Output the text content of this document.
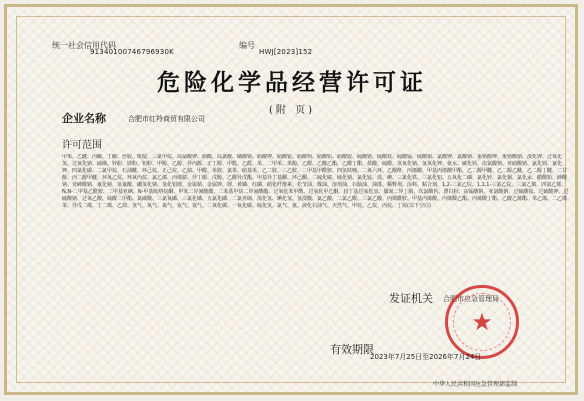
统一社会信用代码
91340100746796930K
编号
HWJ[2023]152
危险化学品经营许可证
(附 页)
企业名称	合肥市红羚商贸有限公司
许可范围
甲苯、乙醚、丙酮、丁酮、丝胶、吡啶、三氯甲烷、高锰酸钾、硝酸、高氯酸、磷酸钠、硝酸钾、硝酸银、硝酸钡、硝酸铅、硝酸铵、硫酸钠、硫酸铁、硫酸锰、硫酸铜、氯酸钾、氯酸钠、重铬酸钾、重铬酸钠、溴化钾、过氧化氢、过氧化钠、硫磺、锌粉、镁粉、铝粉、甲醇、乙醇、异丙醇、正丁醇、甲醛、乙醛、苯、二甲苯、苯酚、乙酸、乙酸乙酯、乙酸丁酯、盐酸、硫酸、氢氧化钠、氢氧化钾、氨水、碳化钙、次氯酸钠、亚硝酸钠、氯化钡、氰化钾、四氯化碳、二氯甲烷、石油醚、环己烷、正己烷、乙腈、甲酸、苯胺、氯苯、硝基苯、乙二胺、三乙胺、二甲基甲酰胺、四氢呋喃、二氧六环、乙酸酐、丙烯酸、甲基丙烯酸甲酯、乙二醇甲醚、乙二醇乙醚、乙二醇丁醚、二甘醇、丙二醇甲醚、环氧乙烷、环氧丙烷、氯乙烯、丙烯腈、异丁醇、戊醇、乙酸异戊酯、甲基异丁基酮、环己酮、二硫化碳、硫化钠、氯化铵、溴、碘、三氯化铁、三氯化铝、五氧化二磷、氯化锌、氯化铜、氯化汞、醋酸铅、砷酸钠、亚砷酸钠、氟化钠、氢氟酸、硼氢化钠、氢化铝锂、金属钠、金属钾、锂、黄磷、红磷、硝化纤维素、松节油、煤油、溶剂油、石脑油、油漆、稀释剂、涂料、粘合剂、1,2-二氯乙烷、1,1,1-三氯乙烷、三氯乙烯、四氯乙烯、N,N-二甲基乙酰胺、二甲基亚砜、N-甲基吡咯烷酮、甲苯二异氰酸酯、二苯基甲烷二异氰酸酯、过氧化苯甲酰、过氧化甲乙酮、叔丁基过氧化氢、偶氮二异丁腈、次氯酸钙、漂白粉、高锰酸钠、亚氯酸钠、过硫酸铵、过硫酸钾、过硫酸钠、过氧乙酸、硫酸二甲酯、氯磺酸、三氯氧磷、三氯化磷、五氯化磷、二氯亚砜、溴化氢、碘化氢、氢溴酸、氯乙酸、二氯乙酸、三氯乙酸、丙烯酰胺、甲基丙烯酸、丙烯酸乙酯、丙烯酸丁酯、乙酸乙烯酯、苯乙烯、二乙烯苯、异戊二烯、丁二烯、乙炔、氢气、氧气、氮气、氩气、氦气、二氧化碳、一氧化碳、硫化氢、氯气、氨、液化石油气、天然气、甲烷、乙烷、丙烷、丁烷(以下空白)
发证机关 合肥市应急管理局
★
有效期限
2023年7月25日至2026年7月24日
中华人民共和国应急管理部监制
